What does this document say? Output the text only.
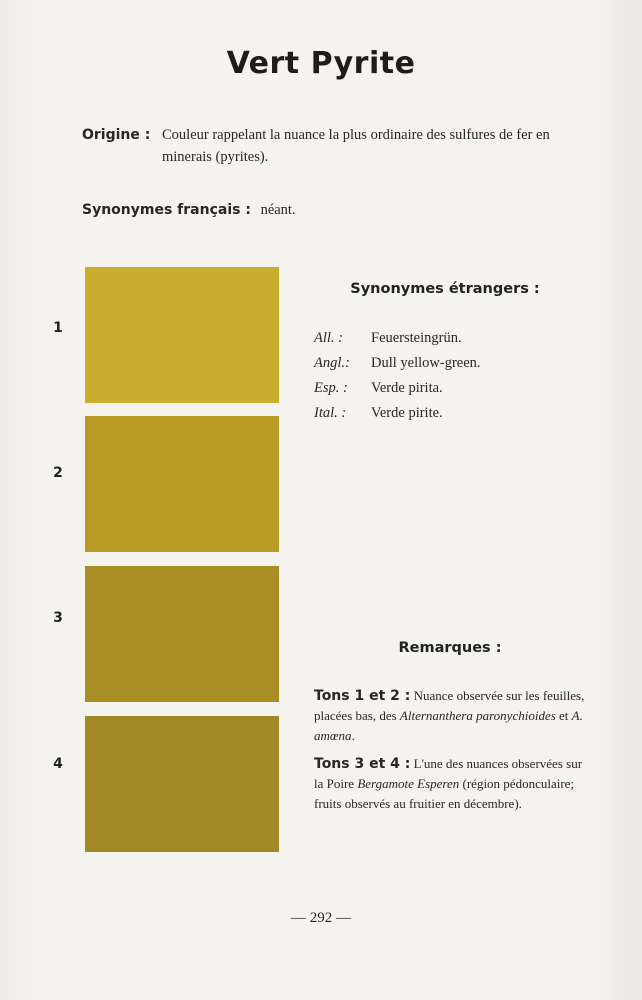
Vert Pyrite
Origine : Couleur rappelant la nuance la plus ordinaire des sulfures de fer en minerais (pyrites).
Synonymes français : néant.
1
2
3
4
Synonymes étrangers :
All. : Feuersteingrün.
Angl.: Dull yellow-green.
Esp. : Verde pirita.
Ital. : Verde pirite.
Remarques :
Tons 1 et 2 : Nuance observée sur les feuilles, placées bas, des Alternanthera paronychioides et A. amœna.
Tons 3 et 4 : L'une des nuances observées sur la Poire Bergamote Esperen (région pédonculaire; fruits observés au fruitier en décembre).
— 292 —
